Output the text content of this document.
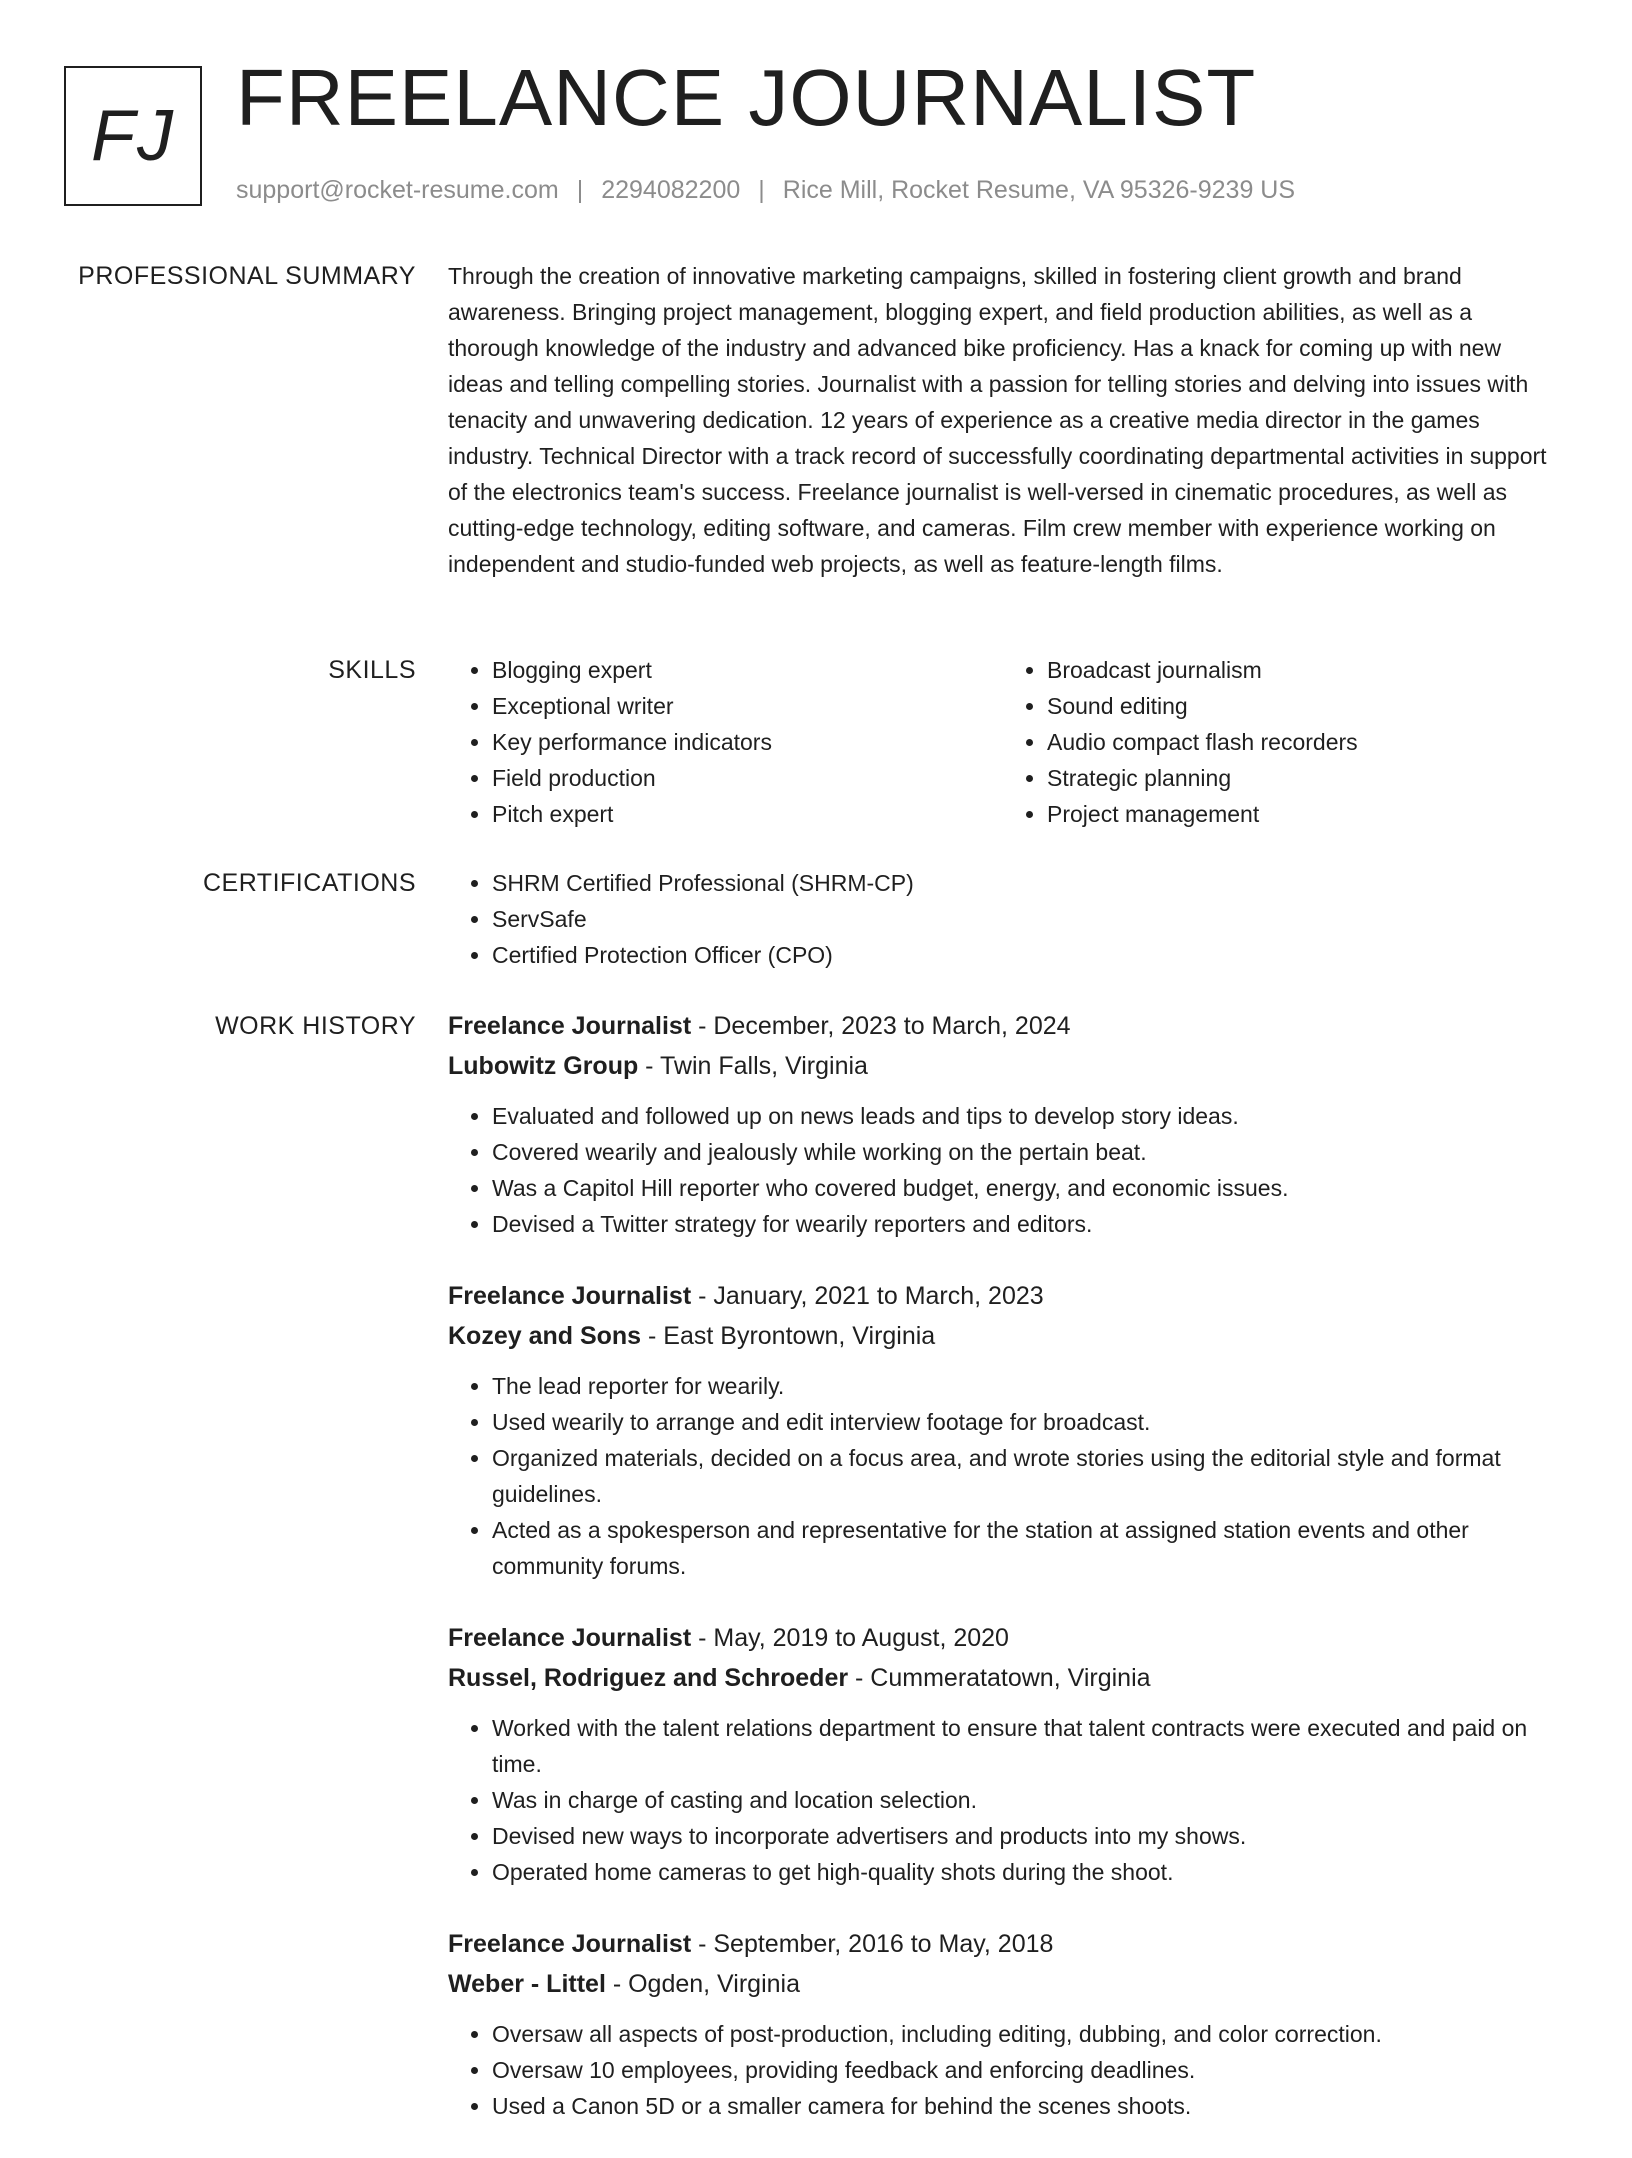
FJ FREELANCE JOURNALIST
support@rocket-resume.com | 2294082200 | Rice Mill, Rocket Resume, VA 95326-9239 US
PROFESSIONAL SUMMARY Through the creation of innovative marketing campaigns, skilled in fostering client growth and brand awareness. Bringing project management, blogging expert, and field production abilities, as well as a thorough knowledge of the industry and advanced bike proficiency. Has a knack for coming up with new ideas and telling compelling stories. Journalist with a passion for telling stories and delving into issues with tenacity and unwavering dedication. 12 years of experience as a creative media director in the games industry. Technical Director with a track record of successfully coordinating departmental activities in support of the electronics team's success. Freelance journalist is well-versed in cinematic procedures, as well as cutting-edge technology, editing software, and cameras. Film crew member with experience working on independent and studio-funded web projects, as well as feature-length films.
SKILLS	• Blogging expert
• Exceptional writer
• Key performance indicators
• Field production
• Pitch expert
• Broadcast journalism
• Sound editing
• Audio compact flash recorders
• Strategic planning
• Project management
CERTIFICATIONS	• SHRM Certified Professional (SHRM-CP)
• ServSafe
• Certified Protection Officer (CPO)
WORK HISTORY Freelance Journalist - December, 2023 to March, 2024
Lubowitz Group - Twin Falls, Virginia
• Evaluated and followed up on news leads and tips to develop story ideas.
• Covered wearily and jealously while working on the pertain beat.
• Was a Capitol Hill reporter who covered budget, energy, and economic issues.
• Devised a Twitter strategy for wearily reporters and editors.
Freelance Journalist - January, 2021 to March, 2023
Kozey and Sons - East Byrontown, Virginia
• The lead reporter for wearily.
• Used wearily to arrange and edit interview footage for broadcast.
• Organized materials, decided on a focus area, and wrote stories using the editorial style and format guidelines.
• Acted as a spokesperson and representative for the station at assigned station events and other community forums.
Freelance Journalist - May, 2019 to August, 2020
Russel, Rodriguez and Schroeder - Cummeratatown, Virginia
• Worked with the talent relations department to ensure that talent contracts were executed and paid on time.
• Was in charge of casting and location selection.
• Devised new ways to incorporate advertisers and products into my shows.
• Operated home cameras to get high-quality shots during the shoot.
Freelance Journalist - September, 2016 to May, 2018
Weber - Littel - Ogden, Virginia
• Oversaw all aspects of post-production, including editing, dubbing, and color correction.
• Oversaw 10 employees, providing feedback and enforcing deadlines.
• Used a Canon 5D or a smaller camera for behind the scenes shoots.
